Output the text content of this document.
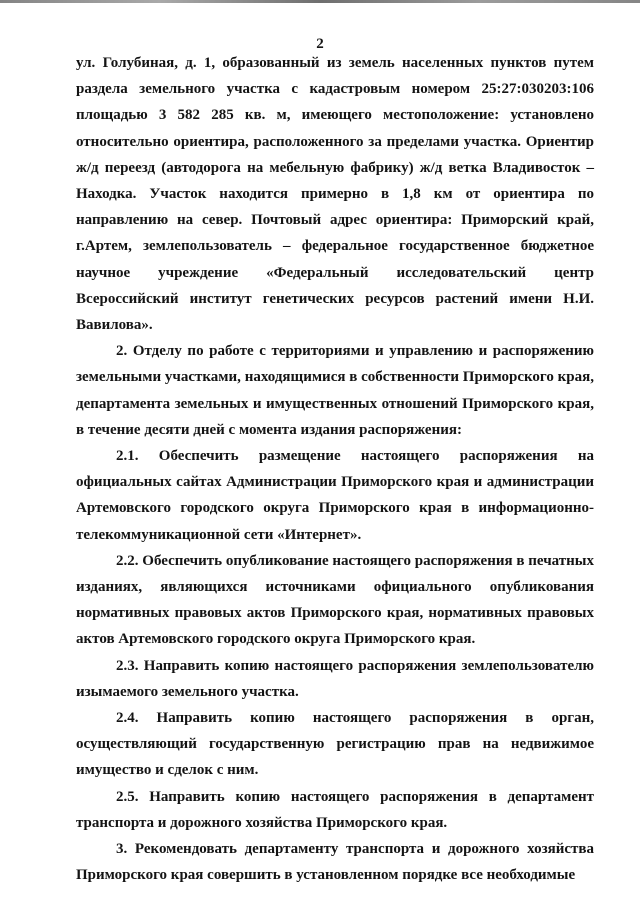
2

ул. Голубиная, д. 1, образованный из земель населенных пунктов путем раздела земельного участка с кадастровым номером 25:27:030203:106 площадью 3 582 285 кв. м, имеющего местоположение: установлено относительно ориентира, расположенного за пределами участка. Ориентир ж/д переезд (автодорога на мебельную фабрику) ж/д ветка Владивосток – Находка. Участок находится примерно в 1,8 км от ориентира по направлению на север. Почтовый адрес ориентира: Приморский край, г.Артем, землепользователь – федеральное государственное бюджетное научное учреждение «Федеральный исследовательский центр Всероссийский институт генетических ресурсов растений имени Н.И. Вавилова».

2. Отделу по работе с территориями и управлению и распоряжению земельными участками, находящимися в собственности Приморского края, департамента земельных и имущественных отношений Приморского края, в течение десяти дней с момента издания распоряжения:

2.1. Обеспечить размещение настоящего распоряжения на официальных сайтах Администрации Приморского края и администрации Артемовского городского округа Приморского края в информационно-телекоммуникационной сети «Интернет».

2.2. Обеспечить опубликование настоящего распоряжения в печатных изданиях, являющихся источниками официального опубликования нормативных правовых актов Приморского края, нормативных правовых актов Артемовского городского округа Приморского края.

2.3. Направить копию настоящего распоряжения землепользователю изымаемого земельного участка.

2.4. Направить копию настоящего распоряжения в орган, осуществляющий государственную регистрацию прав на недвижимое имущество и сделок с ним.

2.5. Направить копию настоящего распоряжения в департамент транспорта и дорожного хозяйства Приморского края.

3. Рекомендовать департаменту транспорта и дорожного хозяйства Приморского края совершить в установленном порядке все необходимые
